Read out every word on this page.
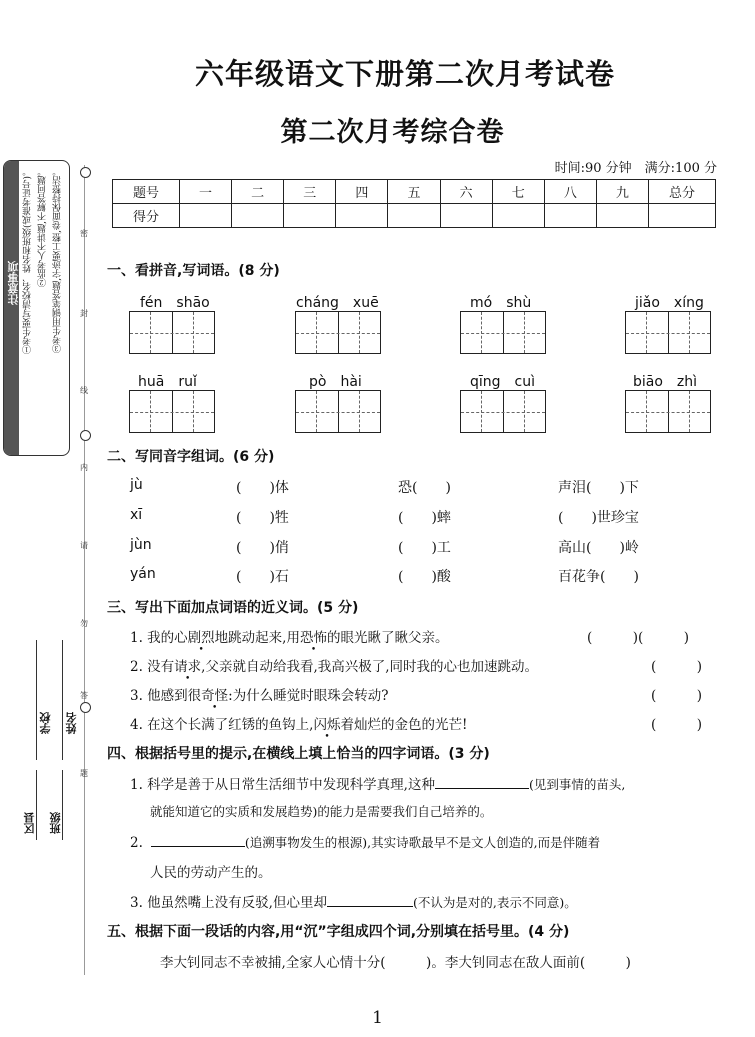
密
封
线
内
请
勿
答
题
注意事项 ①考生要写清校名、姓名和班级(或准考证号)。 ②监考人不讲题,不解答问题。 ③考生用钢笔答题,字迹要工整,卷面保持整洁。
学校 姓名
区县 班级
六年级语文下册第二次月考试卷
第二次月考综合卷
时间:90 分钟　满分:100 分
题号	一	二	三	四	五	六	七	八	九	总分
得分										
一、看拼音,写词语。(8 分)
fén　shāo	cháng　xuē	mó　shù	jiǎo　xíng
huā　ruǐ	pò　hài	qīng　cuì	biāo　zhì
二、写同音字组词。(6 分)
jù	(　　)体	恐(　　)	声泪(　　)下
xī	(　　)牲	(　　)蟀	(　　)世珍宝
jùn	(　　)俏	(　　)工	高山(　　)岭
yán	(　　)石	(　　)酸	百花争(　　)
三、写出下面加点词语的近义词。(5 分)
1. 我的心剧烈地跳动起来,用恐怖的眼光瞅了瞅父亲。	(　　　)(　　　)
2. 没有请求,父亲就自动给我看,我高兴极了,同时我的心也加速跳动。	(　　　)
3. 他感到很奇怪:为什么睡觉时眼珠会转动?	(　　　)
4. 在这个长满了红锈的鱼钩上,闪烁着灿烂的金色的光芒!	(　　　)
四、根据括号里的提示,在横线上填上恰当的四字词语。(3 分)
1. 科学是善于从日常生活细节中发现科学真理,这种	(见到事情的苗头,
就能知道它的实质和发展趋势)的能力是需要我们自己培养的。
2.	(追溯事物发生的根源),其实诗歌最早不是文人创造的,而是伴随着
人民的劳动产生的。
3. 他虽然嘴上没有反驳,但心里却	(不认为是对的,表示不同意)。
五、根据下面一段话的内容,用“沉”字组成四个词,分别填在括号里。(4 分)
李大钊同志不幸被捕,全家人心情十分(　　　)。李大钊同志在敌人面前(　　　)
1
